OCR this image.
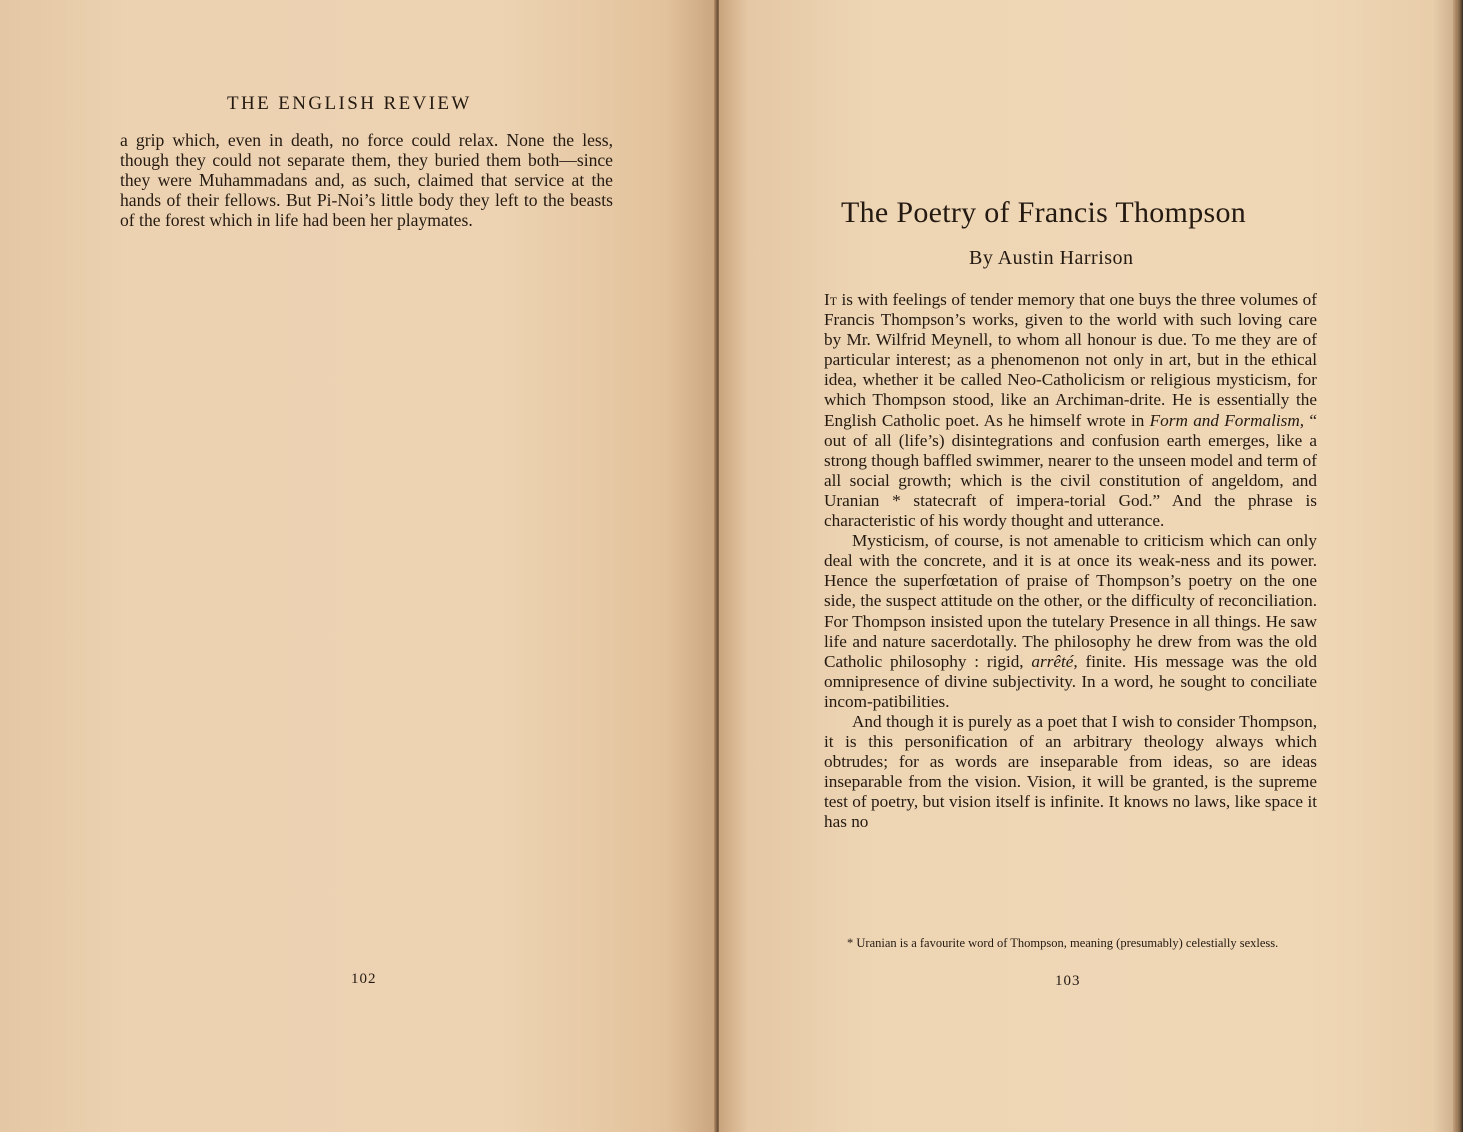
THE ENGLISH REVIEW

a grip which, even in death, no force could relax. None the less, though they could not separate them, they buried them both—since they were Muhammadans and, as such, claimed that service at the hands of their fellows. But Pi-Noi’s little body they left to the beasts of the forest which in life had been her playmates.

102
The Poetry of Francis Thompson
By Austin Harrison

It is with feelings of tender memory that one buys the three volumes of Francis Thompson’s works, given to the world with such loving care by Mr. Wilfrid Meynell, to whom all honour is due. To me they are of particular interest; as a phenomenon not only in art, but in the ethical idea, whether it be called Neo-Catholicism or religious mysticism, for which Thompson stood, like an Archiman-drite. He is essentially the English Catholic poet. As he himself wrote in Form and Formalism, “ out of all (life’s) disintegrations and confusion earth emerges, like a strong though baffled swimmer, nearer to the unseen model and term of all social growth; which is the civil constitution of angeldom, and Uranian * statecraft of impera-torial God.” And the phrase is characteristic of his wordy thought and utterance.

Mysticism, of course, is not amenable to criticism which can only deal with the concrete, and it is at once its weak-ness and its power. Hence the superfœtation of praise of Thompson’s poetry on the one side, the suspect attitude on the other, or the difficulty of reconciliation. For Thompson insisted upon the tutelary Presence in all things. He saw life and nature sacerdotally. The philosophy he drew from was the old Catholic philosophy : rigid, arrêté, finite. His message was the old omnipresence of divine subjectivity. In a word, he sought to conciliate incom-patibilities.

And though it is purely as a poet that I wish to consider Thompson, it is this personification of an arbitrary theology always which obtrudes; for as words are inseparable from ideas, so are ideas inseparable from the vision. Vision, it will be granted, is the supreme test of poetry, but vision itself is infinite. It knows no laws, like space it has no

* Uranian is a favourite word of Thompson, meaning (presumably) celestially sexless.

103
